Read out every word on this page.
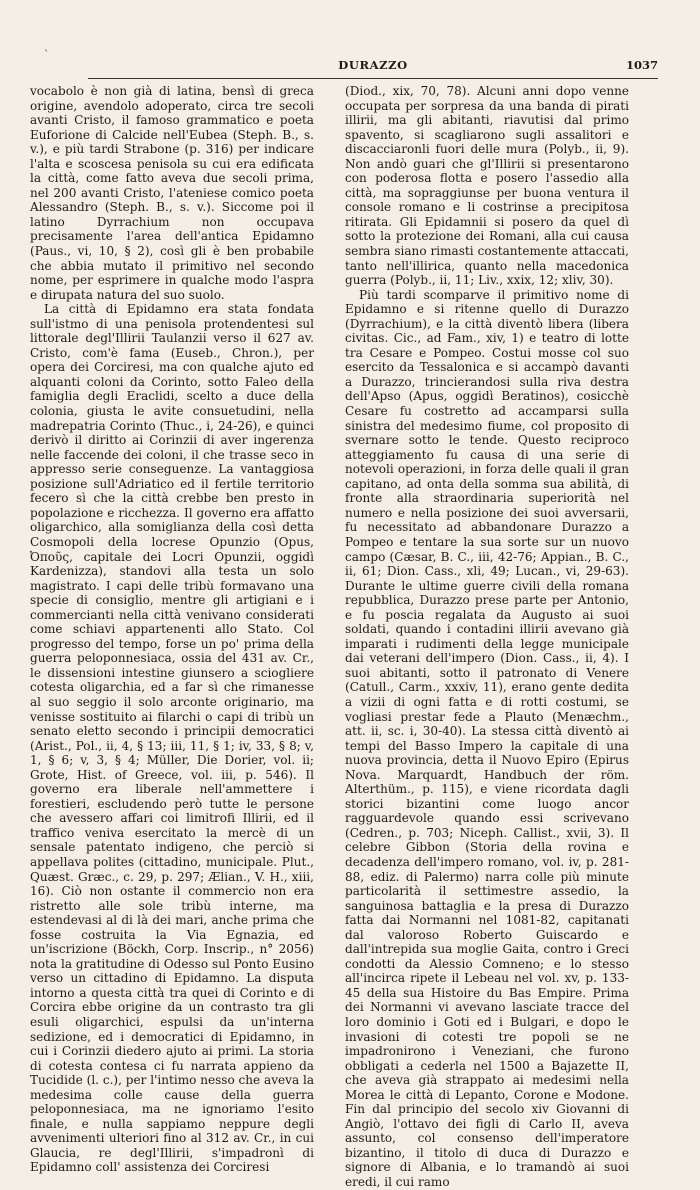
`
DURAZZO	1037

vocabolo è non già di latina, bensì di greca origine, avendolo adoperato, circa tre secoli avanti Cristo, il famoso grammatico e poeta Euforione di Calcide nell'Eubea (Steph. B., s. v.), e più tardi Strabone (p. 316) per indicare l'alta e scoscesa penisola su cui era edificata la città, come fatto aveva due secoli prima, nel 200 avanti Cristo, l'ateniese comico poeta Alessandro (Steph. B., s. v.). Siccome poi il latino Dyrrachium non occupava precisamente l'area dell'antica Epidamno (Paus., vi, 10, § 2), così gli è ben probabile che abbia mutato il primitivo nel secondo nome, per esprimere in qualche modo l'aspra e dirupata natura del suo suolo.

La città di Epidamno era stata fondata sull'istmo di una penisola protendentesi sul littorale degl'Illirii Taulanzii verso il 627 av. Cristo, com'è fama (Euseb., Chron.), per opera dei Corciresi, ma con qualche ajuto ed alquanti coloni da Corinto, sotto Faleo della famiglia degli Eraclidi, scelto a duce della colonia, giusta le avite consuetudini, nella madrepatria Corinto (Thuc., i, 24-26), e quinci derivò il diritto ai Corinzii di aver ingerenza nelle faccende dei coloni, il che trasse seco in appresso serie conseguenze. La vantaggiosa posizione sull'Adriatico ed il fertile territorio fecero sì che la città crebbe ben presto in popolazione e ricchezza. Il governo era affatto oligarchico, alla somiglianza della così detta Cosmopoli della locrese Opunzio (Opus, Ὀποῦς, capitale dei Locri Opunzii, oggidì Kardenizza), standovi alla testa un solo magistrato. I capi delle tribù formavano una specie di consiglio, mentre gli artigiani e i commercianti nella città venivano considerati come schiavi appartenenti allo Stato. Col progresso del tempo, forse un po' prima della guerra peloponnesiaca, ossia del 431 av. Cr., le dissensioni intestine giunsero a sciogliere cotesta oligarchia, ed a far sì che rimanesse al suo seggio il solo arconte originario, ma venisse sostituito ai filarchi o capi di tribù un senato eletto secondo i principii democratici (Arist., Pol., ii, 4, § 13; iii, 11, § 1; iv, 33, § 8; v, 1, § 6; v, 3, § 4; Müller, Die Dorier, vol. ii; Grote, Hist. of Greece, vol. iii, p. 546). Il governo era liberale nell'ammettere i forestieri, escludendo però tutte le persone che avessero affari coi limitrofi Illirii, ed il traffico veniva esercitato la mercè di un sensale patentato indigeno, che perciò si appellava polites (cittadino, municipale. Plut., Quæst. Græc., c. 29, p. 297; Ælian., V. H., xiii, 16). Ciò non ostante il commercio non era ristretto alle sole tribù interne, ma estendevasi al di là dei mari, anche prima che fosse costruita la Via Egnazia, ed un'iscrizione (Böckh, Corp. Inscrip., n° 2056) nota la gratitudine di Odesso sul Ponto Eusino verso un cittadino di Epidamno. La disputa intorno a questa città tra quei di Corinto e di Corcira ebbe origine da un contrasto tra gli esuli oligarchici, espulsi da un'interna sedizione, ed i democratici di Epidamno, in cui i Corinzii diedero ajuto ai primi. La storia di cotesta contesa ci fu narrata appieno da Tucidide (l. c.), per l'intimo nesso che aveva la medesima colle cause della guerra peloponnesiaca, ma ne ignoriamo l'esito finale, e nulla sappiamo neppure degli avvenimenti ulteriori fino al 312 av. Cr., in cui Glaucia, re degl'Illirii, s'impadronì di Epidamno coll' assistenza dei Corciresi

(Diod., xix, 70, 78). Alcuni anni dopo venne occupata per sorpresa da una banda di pirati illirii, ma gli abitanti, riavutisi dal primo spavento, si scagliarono sugli assalitori e discacciaronli fuori delle mura (Polyb., ii, 9). Non andò guari che gl'Illirii si presentarono con poderosa flotta e posero l'assedio alla città, ma sopraggiunse per buona ventura il console romano e li costrinse a precipitosa ritirata. Gli Epidamnii si posero da quel dì sotto la protezione dei Romani, alla cui causa sembra siano rimasti costantemente attaccati, tanto nell'illirica, quanto nella macedonica guerra (Polyb., ii, 11; Liv., xxix, 12; xliv, 30).

Più tardi scomparve il primitivo nome di Epidamno e si ritenne quello di Durazzo (Dyrrachium), e la città diventò libera (libera civitas. Cic., ad Fam., xiv, 1) e teatro di lotte tra Cesare e Pompeo. Costui mosse col suo esercito da Tessalonica e si accampò davanti a Durazzo, trincierandosi sulla riva destra dell'Apso (Apus, oggidì Beratinos), cosicchè Cesare fu costretto ad accamparsi sulla sinistra del medesimo fiume, col proposito di svernare sotto le tende. Questo reciproco atteggiamento fu causa di una serie di notevoli operazioni, in forza delle quali il gran capitano, ad onta della somma sua abilità, di fronte alla straordinaria superiorità nel numero e nella posizione dei suoi avversarii, fu necessitato ad abbandonare Durazzo a Pompeo e tentare la sua sorte sur un nuovo campo (Cæsar, B. C., iii, 42-76; Appian., B. C., ii, 61; Dion. Cass., xli, 49; Lucan., vi, 29-63). Durante le ultime guerre civili della romana repubblica, Durazzo prese parte per Antonio, e fu poscia regalata da Augusto ai suoi soldati, quando i contadini illirii avevano già imparati i rudimenti della legge municipale dai veterani dell'impero (Dion. Cass., ii, 4). I suoi abitanti, sotto il patronato di Venere (Catull., Carm., xxxiv, 11), erano gente dedita a vizii di ogni fatta e di rotti costumi, se vogliasi prestar fede a Plauto (Menæchm., att. ii, sc. i, 30-40). La stessa città diventò ai tempi del Basso Impero la capitale di una nuova provincia, detta il Nuovo Epiro (Epirus Nova. Marquardt, Handbuch der röm. Alterthüm., p. 115), e viene ricordata dagli storici bizantini come luogo ancor ragguardevole quando essi scrivevano (Cedren., p. 703; Niceph. Callist., xvii, 3). Il celebre Gibbon (Storia della rovina e decadenza dell'impero romano, vol. iv, p. 281-88, ediz. di Palermo) narra colle più minute particolarità il settimestre assedio, la sanguinosa battaglia e la presa di Durazzo fatta dai Normanni nel 1081-82, capitanati dal valoroso Roberto Guiscardo e dall'intrepida sua moglie Gaita, contro i Greci condotti da Alessio Comneno; e lo stesso all'incirca ripete il Lebeau nel vol. xv, p. 133-45 della sua Histoire du Bas Empire. Prima dei Normanni vi avevano lasciate tracce del loro dominio i Goti ed i Bulgari, e dopo le invasioni di cotesti tre popoli se ne impadronirono i Veneziani, che furono obbligati a cederla nel 1500 a Bajazette II, che aveva già strappato ai medesimi nella Morea le città di Lepanto, Corone e Modone. Fin dal principio del secolo xiv Giovanni di Angiò, l'ottavo dei figli di Carlo II, aveva assunto, col consenso dell'imperatore bizantino, il titolo di duca di Durazzo e signore di Albania, e lo tramandò ai suoi eredi, il cui ramo
